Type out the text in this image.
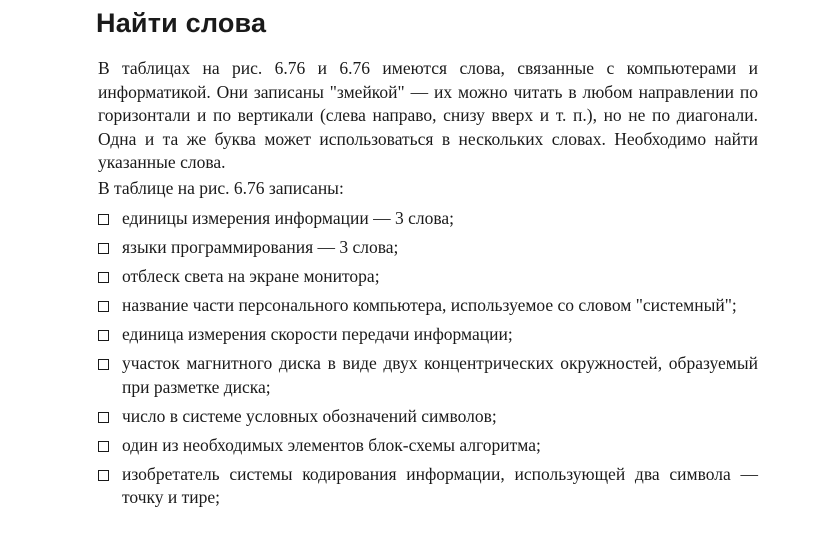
Найти слова

В таблицах на рис. 6.76 и 6.76 имеются слова, связанные с компьютерами и информатикой. Они записаны "змейкой" — их можно читать в любом направлении по горизонтали и по вертикали (слева направо, снизу вверх и т. п.), но не по диагонали. Одна и та же буква может использоваться в нескольких словах. Необходимо найти указанные слова.

В таблице на рис. 6.76 записаны:

единицы измерения информации — 3 слова;
языки программирования — 3 слова;
отблеск света на экране монитора;
название части персонального компьютера, используемое со словом "системный";
единица измерения скорости передачи информации;
участок магнитного диска в виде двух концентрических окружностей, образуемый при разметке диска;
число в системе условных обозначений символов;
один из необходимых элементов блок-схемы алгоритма;
изобретатель системы кодирования информации, использующей два символа — точку и тире;
